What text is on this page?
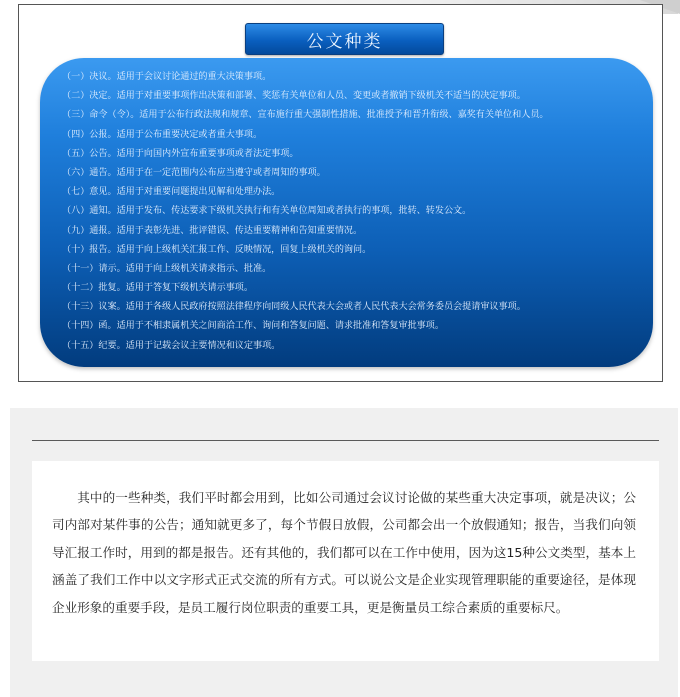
公文种类
（一）决议。适用于会议讨论通过的重大决策事项。
（二）决定。适用于对重要事项作出决策和部署、奖惩有关单位和人员、变更或者撤销下级机关不适当的决定事项。
（三）命令（令）。适用于公布行政法规和规章、宣布施行重大强制性措施、批准授予和晋升衔级、嘉奖有关单位和人员。
（四）公报。适用于公布重要决定或者重大事项。
（五）公告。适用于向国内外宣布重要事项或者法定事项。
（六）通告。适用于在一定范围内公布应当遵守或者周知的事项。
（七）意见。适用于对重要问题提出见解和处理办法。
（八）通知。适用于发布、传达要求下级机关执行和有关单位周知或者执行的事项，批转、转发公文。
（九）通报。适用于表彰先进、批评错误、传达重要精神和告知重要情况。
（十）报告。适用于向上级机关汇报工作、反映情况，回复上级机关的询问。
（十一）请示。适用于向上级机关请求指示、批准。
（十二）批复。适用于答复下级机关请示事项。
（十三）议案。适用于各级人民政府按照法律程序向同级人民代表大会或者人民代表大会常务委员会提请审议事项。
（十四）函。适用于不相隶属机关之间商洽工作、询问和答复问题、请求批准和答复审批事项。
（十五）纪要。适用于记载会议主要情况和议定事项。

其中的一些种类，我们平时都会用到，比如公司通过会议讨论做的某些重大决定事项，就是决议；公司内部对某件事的公告；通知就更多了，每个节假日放假，公司都会出一个放假通知；报告，当我们向领导汇报工作时，用到的都是报告。还有其他的，我们都可以在工作中使用，因为这15种公文类型，基本上涵盖了我们工作中以文字形式正式交流的所有方式。可以说公文是企业实现管理职能的重要途径，是体现企业形象的重要手段，是员工履行岗位职责的重要工具，更是衡量员工综合素质的重要标尺。
